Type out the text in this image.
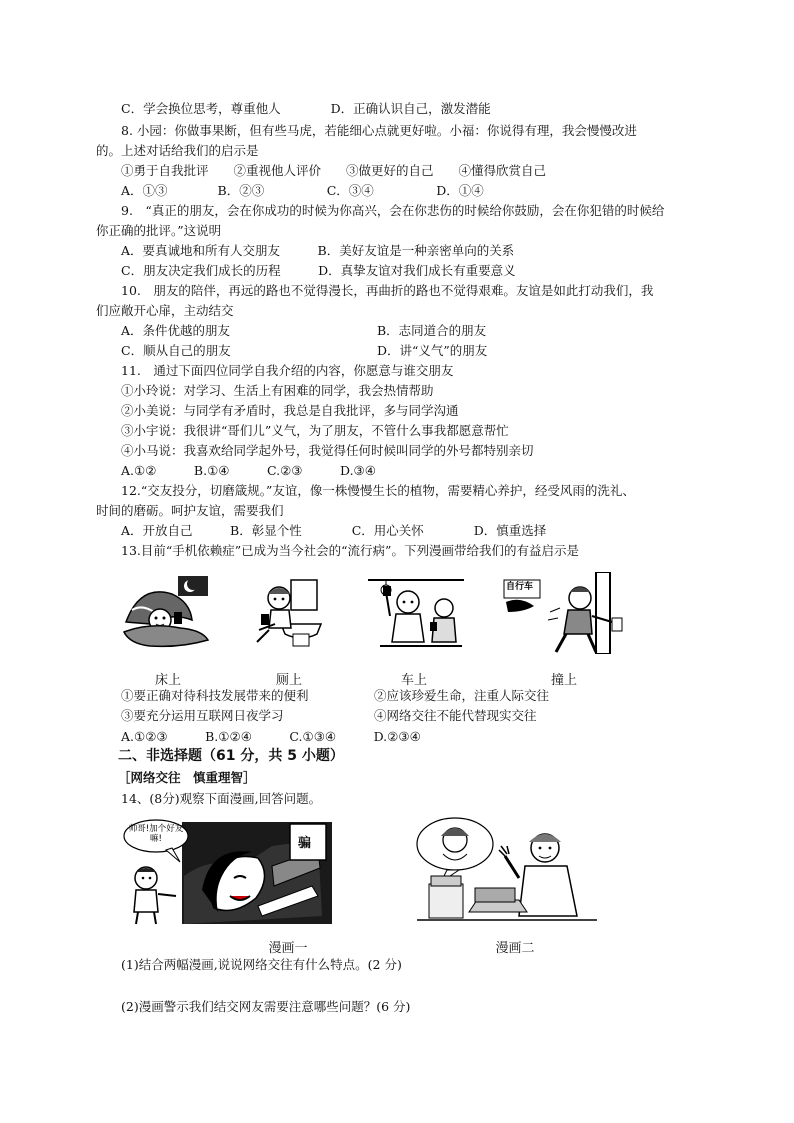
C．学会换位思考，尊重他人　　　　D．正确认识自己，激发潜能
8. 小园：你做事果断，但有些马虎，若能细心点就更好啦。小福：你说得有理，我会慢慢改进
的。上述对话给我们的启示是
①勇于自我批评　　②重视他人评价　　③做更好的自己　　④懂得欣赏自己
A．①③　　　　B．②③　　　　　C．③④　　　　　D．①④
9.　“真正的朋友，会在你成功的时候为你高兴，会在你悲伤的时候给你鼓励，会在你犯错的时候给
你正确的批评。”这说明
A．要真诚地和所有人交朋友　　　B．美好友谊是一种亲密单向的关系
C．朋友决定我们成长的历程　　　D．真挚友谊对我们成长有重要意义
10.　朋友的陪伴，再远的路也不觉得漫长，再曲折的路也不觉得艰难。友谊是如此打动我们，我
们应敞开心扉，主动结交
A．条件优越的朋友	B．志同道合的朋友
C．顺从自己的朋友	D．讲“义气”的朋友
11.　通过下面四位同学自我介绍的内容，你愿意与谁交朋友
①小玲说：对学习、生活上有困难的同学，我会热情帮助
②小美说：与同学有矛盾时，我总是自我批评，多与同学沟通
③小宇说：我很讲“哥们儿”义气，为了朋友，不管什么事我都愿意帮忙
④小马说：我喜欢给同学起外号，我觉得任何时候叫同学的外号都特别亲切
A.①②　　　B.①④　　　C.②③　　　D.③④
12.“交友投分，切磨箴规。”友谊，像一株慢慢生长的植物，需要精心养护，经受风雨的洗礼、
时间的磨砺。呵护友谊，需要我们
A．开放自己　　　B．彰显个性　　　　C．用心关怀　　　　D．慎重选择
13.目前“手机依赖症”已成为当今社会的“流行病”。下列漫画带给我们的有益启示是
自行车
床上	厕上	车上	撞上
①要正确对待科技发展带来的便利	②应该珍爱生命，注重人际交往
③要充分运用互联网日夜学习	④网络交往不能代替现实交往
A.①②③　　　B.①②④　　　C.①③④　　　D.②③④
二、非选择题（61 分，共 5 小题）
［网络交往　慎重理智］
14、(8分)观察下面漫画,回答问题。
帅哥!加个好友嘛!	骗
漫画一	漫画二
(1)结合两幅漫画,说说网络交往有什么特点。(2 分)
(2)漫画警示我们结交网友需要注意哪些问题？(6 分)
